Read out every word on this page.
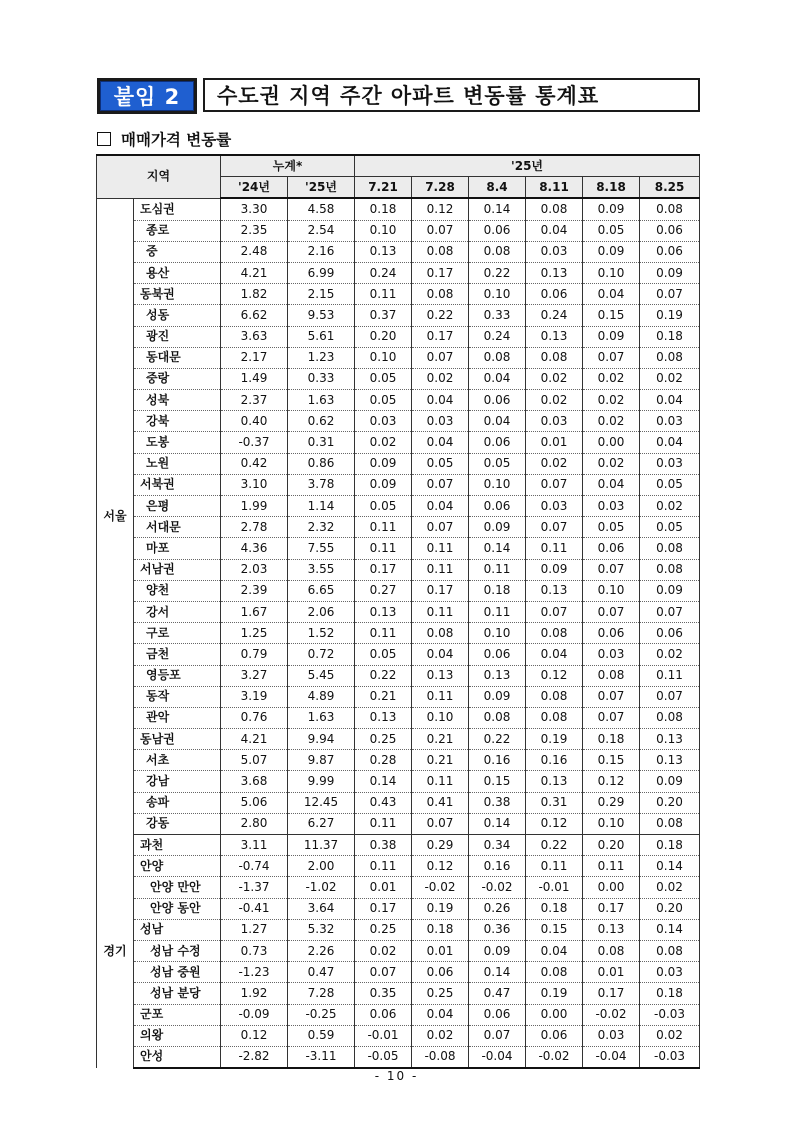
붙임 2	수도권 지역 주간 아파트 변동률 통계표
매매가격 변동률
지역		누계*		'25년					
		'24년	'25년	7.21	7.28	8.4	8.11	8.18	8.25
서울	도심권	3.30	4.58	0.18	0.12	0.14	0.08	0.09	0.08
	종로	2.35	2.54	0.10	0.07	0.06	0.04	0.05	0.06
	중	2.48	2.16	0.13	0.08	0.08	0.03	0.09	0.06
	용산	4.21	6.99	0.24	0.17	0.22	0.13	0.10	0.09
	동북권	1.82	2.15	0.11	0.08	0.10	0.06	0.04	0.07
	성동	6.62	9.53	0.37	0.22	0.33	0.24	0.15	0.19
	광진	3.63	5.61	0.20	0.17	0.24	0.13	0.09	0.18
	동대문	2.17	1.23	0.10	0.07	0.08	0.08	0.07	0.08
	중랑	1.49	0.33	0.05	0.02	0.04	0.02	0.02	0.02
	성북	2.37	1.63	0.05	0.04	0.06	0.02	0.02	0.04
	강북	0.40	0.62	0.03	0.03	0.04	0.03	0.02	0.03
	도봉	-0.37	0.31	0.02	0.04	0.06	0.01	0.00	0.04
	노원	0.42	0.86	0.09	0.05	0.05	0.02	0.02	0.03
	서북권	3.10	3.78	0.09	0.07	0.10	0.07	0.04	0.05
	은평	1.99	1.14	0.05	0.04	0.06	0.03	0.03	0.02
	서대문	2.78	2.32	0.11	0.07	0.09	0.07	0.05	0.05
	마포	4.36	7.55	0.11	0.11	0.14	0.11	0.06	0.08
	서남권	2.03	3.55	0.17	0.11	0.11	0.09	0.07	0.08
	양천	2.39	6.65	0.27	0.17	0.18	0.13	0.10	0.09
	강서	1.67	2.06	0.13	0.11	0.11	0.07	0.07	0.07
	구로	1.25	1.52	0.11	0.08	0.10	0.08	0.06	0.06
	금천	0.79	0.72	0.05	0.04	0.06	0.04	0.03	0.02
	영등포	3.27	5.45	0.22	0.13	0.13	0.12	0.08	0.11
	동작	3.19	4.89	0.21	0.11	0.09	0.08	0.07	0.07
	관악	0.76	1.63	0.13	0.10	0.08	0.08	0.07	0.08
	동남권	4.21	9.94	0.25	0.21	0.22	0.19	0.18	0.13
	서초	5.07	9.87	0.28	0.21	0.16	0.16	0.15	0.13
	강남	3.68	9.99	0.14	0.11	0.15	0.13	0.12	0.09
	송파	5.06	12.45	0.43	0.41	0.38	0.31	0.29	0.20
	강동	2.80	6.27	0.11	0.07	0.14	0.12	0.10	0.08
경기	과천	3.11	11.37	0.38	0.29	0.34	0.22	0.20	0.18
	안양	-0.74	2.00	0.11	0.12	0.16	0.11	0.11	0.14
	안양 만안	-1.37	-1.02	0.01	-0.02	-0.02	-0.01	0.00	0.02
	안양 동안	-0.41	3.64	0.17	0.19	0.26	0.18	0.17	0.20
	성남	1.27	5.32	0.25	0.18	0.36	0.15	0.13	0.14
	성남 수정	0.73	2.26	0.02	0.01	0.09	0.04	0.08	0.08
	성남 중원	-1.23	0.47	0.07	0.06	0.14	0.08	0.01	0.03
	성남 분당	1.92	7.28	0.35	0.25	0.47	0.19	0.17	0.18
	군포	-0.09	-0.25	0.06	0.04	0.06	0.00	-0.02	-0.03
	의왕	0.12	0.59	-0.01	0.02	0.07	0.06	0.03	0.02
	안성	-2.82	-3.11	-0.05	-0.08	-0.04	-0.02	-0.04	-0.03
- 10 -
